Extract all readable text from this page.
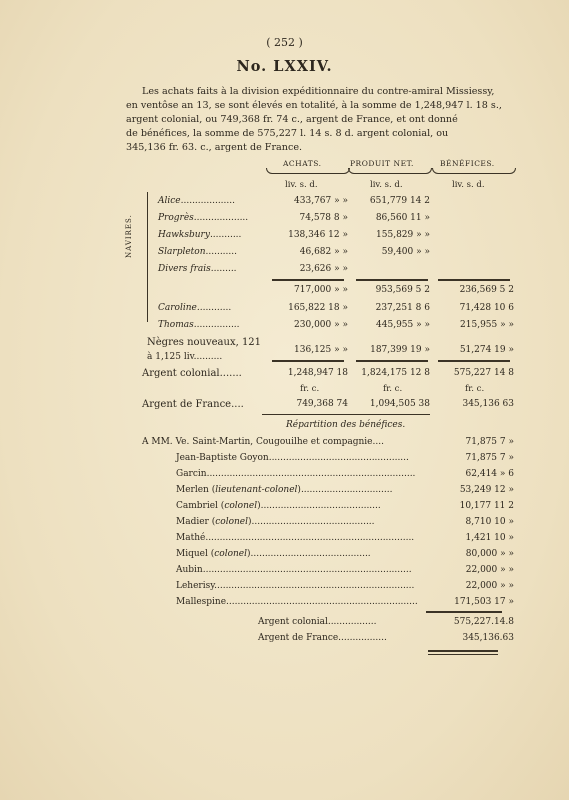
( 252 )
No. LXXIV.
Les achats faits à la division expéditionnaire du contre-amiral Missiessy,
en ventôse an 13, se sont élevés en totalité, à la somme de 1,248,947 l. 18 s.,
argent colonial, ou 749,368 fr. 74 c., argent de France, et ont donné
de bénéfices, la somme de 575,227 l. 14 s. 8 d. argent colonial, ou
345,136 fr. 63. c., argent de France.
ACHATS.	PRODUIT NET.	BÉNÉFICES.
liv. s. d.	liv. s. d.	liv. s. d.
NAVIRES.
Alice...................	433,767 » »	651,779 14 2
Progrès...................	74,578 8 »	86,560 11 »
Hawksbury...........	138,346 12 »	155,829 » »
Slarpleton...........	46,682 » »	59,400 » »
Divers frais.........	23,626 » »
717,000 » »	953,569 5 2	236,569 5 2
Caroline............	165,822 18 »	237,251 8 6	71,428 10 6
Thomas................	230,000 » »	445,955 » »	215,955 » »
Nègres nouveaux, 121
à 1,125 liv..........
136,125 » »	187,399 19 »	51,274 19 »
Argent colonial.......	1,248,947 18	1,824,175 12 8	575,227 14 8
fr. c.	fr. c.	fr. c.
Argent de France....	749,368 74	1,094,505 38	345,136 63
Répartition des bénéfices.
A MM. Ve. Saint-Martin, Cougouilhe et compagnie....	71,875 7 »
Jean-Baptiste Goyon.................................................	71,875 7 »
Garcin.........................................................................	62,414 » 6
Merlen (lieutenant-colonel)................................	53,249 12 »
Cambriel (colonel)..........................................	10,177 11 2
Madier (colonel)...........................................	8,710 10 »
Mathé.........................................................................	1,421 10 »
Miquel (colonel)..........................................	80,000 » »
Aubin.........................................................................	22,000 » »
Leherisy......................................................................	22,000 » »
Mallespine...................................................................	171,503 17 »
Argent colonial.................	575,227.14.8
Argent de France.................	345,136.63
